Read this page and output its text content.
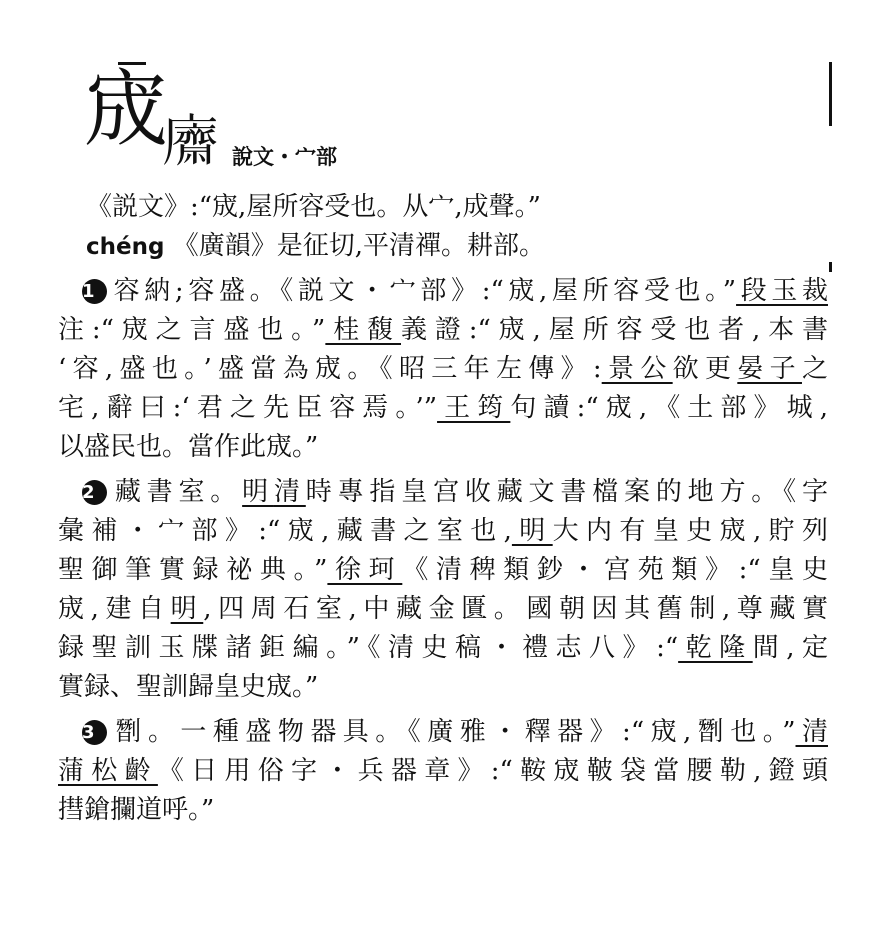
宬
𢋿 說文・宀部
《説文》:“宬,屋所容受也。从宀,成聲。”
chéng 《廣韻》是征切,平清禪。耕部。
1 容納;容盛。《説文・宀部》:“宬,屋所容受也。”段玉裁
注:“宬之言盛也。”桂馥義證:“宬,屋所容受也者,本書
‘容,盛也。’盛當為宬。《昭三年左傳》:景公欲更晏子之
宅,辭曰:‘君之先臣容焉。’”王筠句讀:“宬,《土部》城,
以盛民也。當作此宬。”
2 藏書室。明清時專指皇宫收藏文書檔案的地方。《字
彙補・宀部》:“宬,藏書之室也,明大内有皇史宬,貯列
聖御筆實録祕典。”徐珂《清稗類鈔・宫苑類》:“皇史
宬,建自明,四周石室,中藏金匱。國朝因其舊制,尊藏實
録聖訓玉牒諸鉅編。”《清史稿・禮志八》:“乾隆間,定
實録、聖訓歸皇史宬。”
3 㔆。一種盛物器具。《廣雅・釋器》:“宬,㔆也。”清
蒲松齡《日用俗字・兵器章》:“鞍宬鞁袋當腰勒,鐙頭
㨹鎗攔道呼。”
